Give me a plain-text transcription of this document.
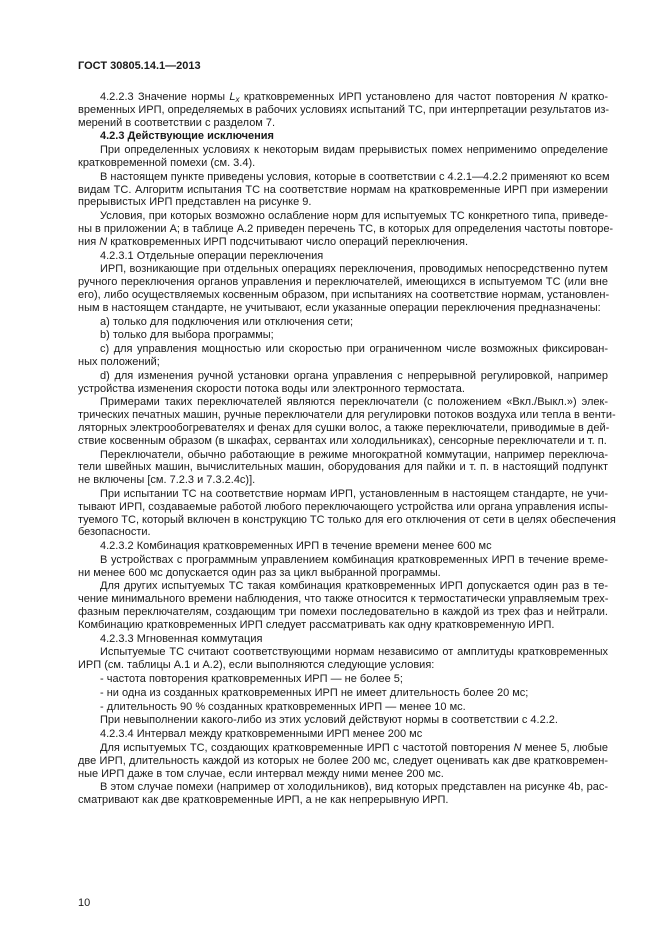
ГОСТ 30805.14.1—2013
4.2.2.3 Значение нормы $L_x$ кратковременных ИРП установлено для частот повторения N кратко-
временных ИРП, определяемых в рабочих условиях испытаний ТС, при интерпретации результатов из-
мерений в соответствии с разделом 7.
4.2.3 Действующие исключения
При определенных условиях к некоторым видам прерывистых помех неприменимо определение
кратковременной помехи (см. 3.4).
В настоящем пункте приведены условия, которые в соответствии с 4.2.1—4.2.2 применяют ко всем
видам ТС. Алгоритм испытания ТС на соответствие нормам на кратковременные ИРП при измерении
прерывистых ИРП представлен на рисунке 9.
Условия, при которых возможно ослабление норм для испытуемых ТС конкретного типа, приведе-
ны в приложении А; в таблице А.2 приведен перечень ТС, в которых для определения частоты повторе-
ния N кратковременных ИРП подсчитывают число операций переключения.
4.2.3.1 Отдельные операции переключения
ИРП, возникающие при отдельных операциях переключения, проводимых непосредственно путем
ручного переключения органов управления и переключателей, имеющихся в испытуемом ТС (или вне
его), либо осуществляемых косвенным образом, при испытаниях на соответствие нормам, установлен-
ным в настоящем стандарте, не учитывают, если указанные операции переключения предназначены:
a) только для подключения или отключения сети;
b) только для выбора программы;
c) для управления мощностью или скоростью при ограниченном числе возможных фиксирован-
ных положений;
d) для изменения ручной установки органа управления с непрерывной регулировкой, например
устройства изменения скорости потока воды или электронного термостата.
Примерами таких переключателей являются переключатели (с положением «Вкл./Выкл.») элек-
трических печатных машин, ручные переключатели для регулировки потоков воздуха или тепла в венти-
ляторных электрообогревателях и фенах для сушки волос, а также переключатели, приводимые в дей-
ствие косвенным образом (в шкафах, сервантах или холодильниках), сенсорные переключатели и т. п.
Переключатели, обычно работающие в режиме многократной коммутации, например переключа-
тели швейных машин, вычислительных машин, оборудования для пайки и т. п. в настоящий подпункт
не включены [см. 7.2.3 и 7.3.2.4c)].
При испытании ТС на соответствие нормам ИРП, установленным в настоящем стандарте, не учи-
тывают ИРП, создаваемые работой любого переключающего устройства или органа управления испы-
туемого ТС, который включен в конструкцию ТС только для его отключения от сети в целях обеспечения
безопасности.
4.2.3.2 Комбинация кратковременных ИРП в течение времени менее 600 мс
В устройствах с программным управлением комбинация кратковременных ИРП в течение време-
ни менее 600 мс допускается один раз за цикл выбранной программы.
Для других испытуемых ТС такая комбинация кратковременных ИРП допускается один раз в те-
чение минимального времени наблюдения, что также относится к термостатически управляемым трех-
фазным переключателям, создающим три помехи последовательно в каждой из трех фаз и нейтрали.
Комбинацию кратковременных ИРП следует рассматривать как одну кратковременную ИРП.
4.2.3.3 Мгновенная коммутация
Испытуемые ТС считают соответствующими нормам независимо от амплитуды кратковременных
ИРП (см. таблицы А.1 и А.2), если выполняются следующие условия:
- частота повторения кратковременных ИРП — не более 5;
- ни одна из созданных кратковременных ИРП не имеет длительность более 20 мс;
- длительность 90 % созданных кратковременных ИРП — менее 10 мс.
При невыполнении какого-либо из этих условий действуют нормы в соответствии с 4.2.2.
4.2.3.4 Интервал между кратковременными ИРП менее 200 мс
Для испытуемых ТС, создающих кратковременные ИРП с частотой повторения N менее 5, любые
две ИРП, длительность каждой из которых не более 200 мс, следует оценивать как две кратковремен-
ные ИРП даже в том случае, если интервал между ними менее 200 мс.
В этом случае помехи (например от холодильников), вид которых представлен на рисунке 4b, рас-
сматривают как две кратковременные ИРП, а не как непрерывную ИРП.
10
